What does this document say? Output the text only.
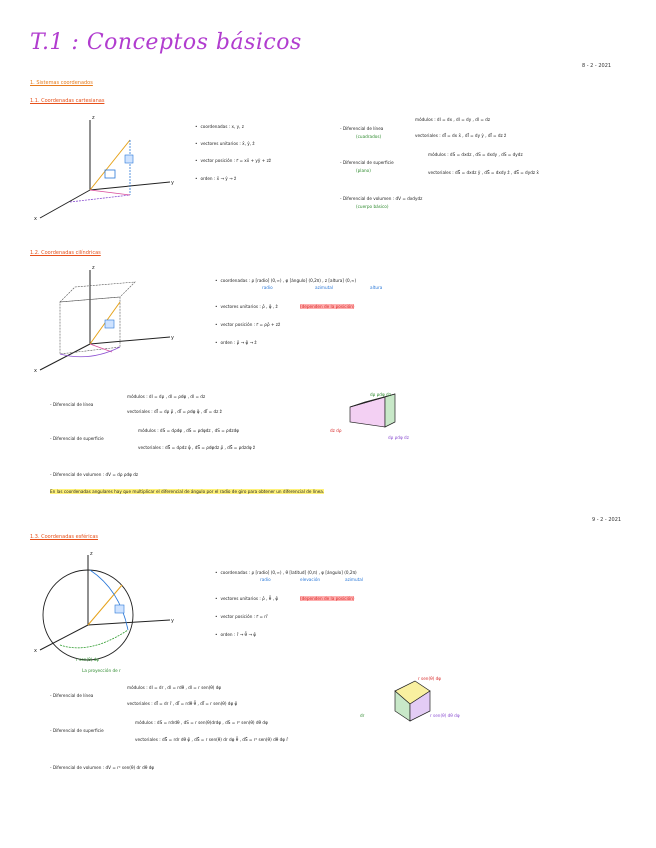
T.1 : Conceptos básicos
8 - 2 - 2021
1. Sistemas coordenados
1.1. Coordenadas cartesianas
z
y
x
• coordenadas : x, y, z
• vectores unitarios : x̂, ŷ, ẑ
• vector posición : r⃗ = xx̂ + yŷ + zẑ
• orden : x̂ → ŷ → ẑ
- Diferencial de línea
(cuadrados)
módulos : dl = dx , dl = dy , dl = dz
vectoriales : dl⃗ = dx x̂ , dl⃗ = dy ŷ , dl⃗ = dz ẑ
- Diferencial de superficie
(plano)
módulos : dS = dxdz , dS = dxdy , dS = dydz
vectoriales : dS⃗ = dxdz ŷ , dS⃗ = dxdy ẑ , dS⃗ = dydz x̂
- Diferencial de volumen : dV = dxdydz
(cuerpo básico)
1.2. Coordenadas cilíndricas
z
y
x
• coordenadas : ρ [radio] (0,∞) , φ [ángulo] (0,2π) , z [altura] (0,∞)
radio	azimutal	altura
• vectores unitarios : ρ̂ , φ̂ , ẑ	(dependen de la posición)
• vector posición : r⃗ = ρρ̂ + zẑ
• orden : ρ̂ → φ̂ → ẑ
- Diferencial de línea
módulos : dl = dρ , dl = ρdφ , dl = dz
vectoriales : dl⃗ = dρ ρ̂ , dl⃗ = ρdφ φ̂ , dl⃗ = dz ẑ
- Diferencial de superficie
módulos : dS = dρdφ , dS = ρdφdz , dS = ρdzdφ
vectoriales : dS⃗ = dρdz φ̂ , dS⃗ = ρdφdz ρ̂ , dS⃗ = ρdzdφ ẑ
- Diferencial de volumen : dV = dρ ρdφ dz
En las coordenadas angulares hay que multiplicar el diferencial de ángulo por el radio de giro para obtener un diferencial de línea.
dρ ρdφ dz
dz dρ
dρ ρdφ dz
9 - 2 - 2021
1.3. Coordenadas esféricas
z
y
x
r sen(θ) dφ
La proyección de r
• coordenadas : ρ [radio] (0,∞) , θ [latitud] (0,π) , φ [ángulo] (0,2π)
radio	elevación	azimutal
• vectores unitarios : ρ̂ , θ̂ , φ̂	(dependen de la posición)
• vector posición : r⃗ = rr̂
• orden : r̂ → θ̂ → φ̂
- Diferencial de línea
módulos : dl = dr , dl = rdθ , dl = r sen(θ) dφ
vectoriales : dl⃗ = dr r̂ , dl⃗ = rdθ θ̂ , dl⃗ = r sen(θ) dφ φ̂
- Diferencial de superficie
módulos : dS = rdrdθ , dS = r sen(θ)drdφ , dS = r² sen(θ) dθ dφ
vectoriales : dS⃗ = rdr dθ φ̂ , dS⃗ = r sen(θ) dr dφ θ̂ , dS⃗ = r² sen(θ) dθ dφ r̂
- Diferencial de volumen : dV = r² sen(θ) dr dθ dφ
r sen(θ) dφ
dr	r sen(θ) dθ dφ
